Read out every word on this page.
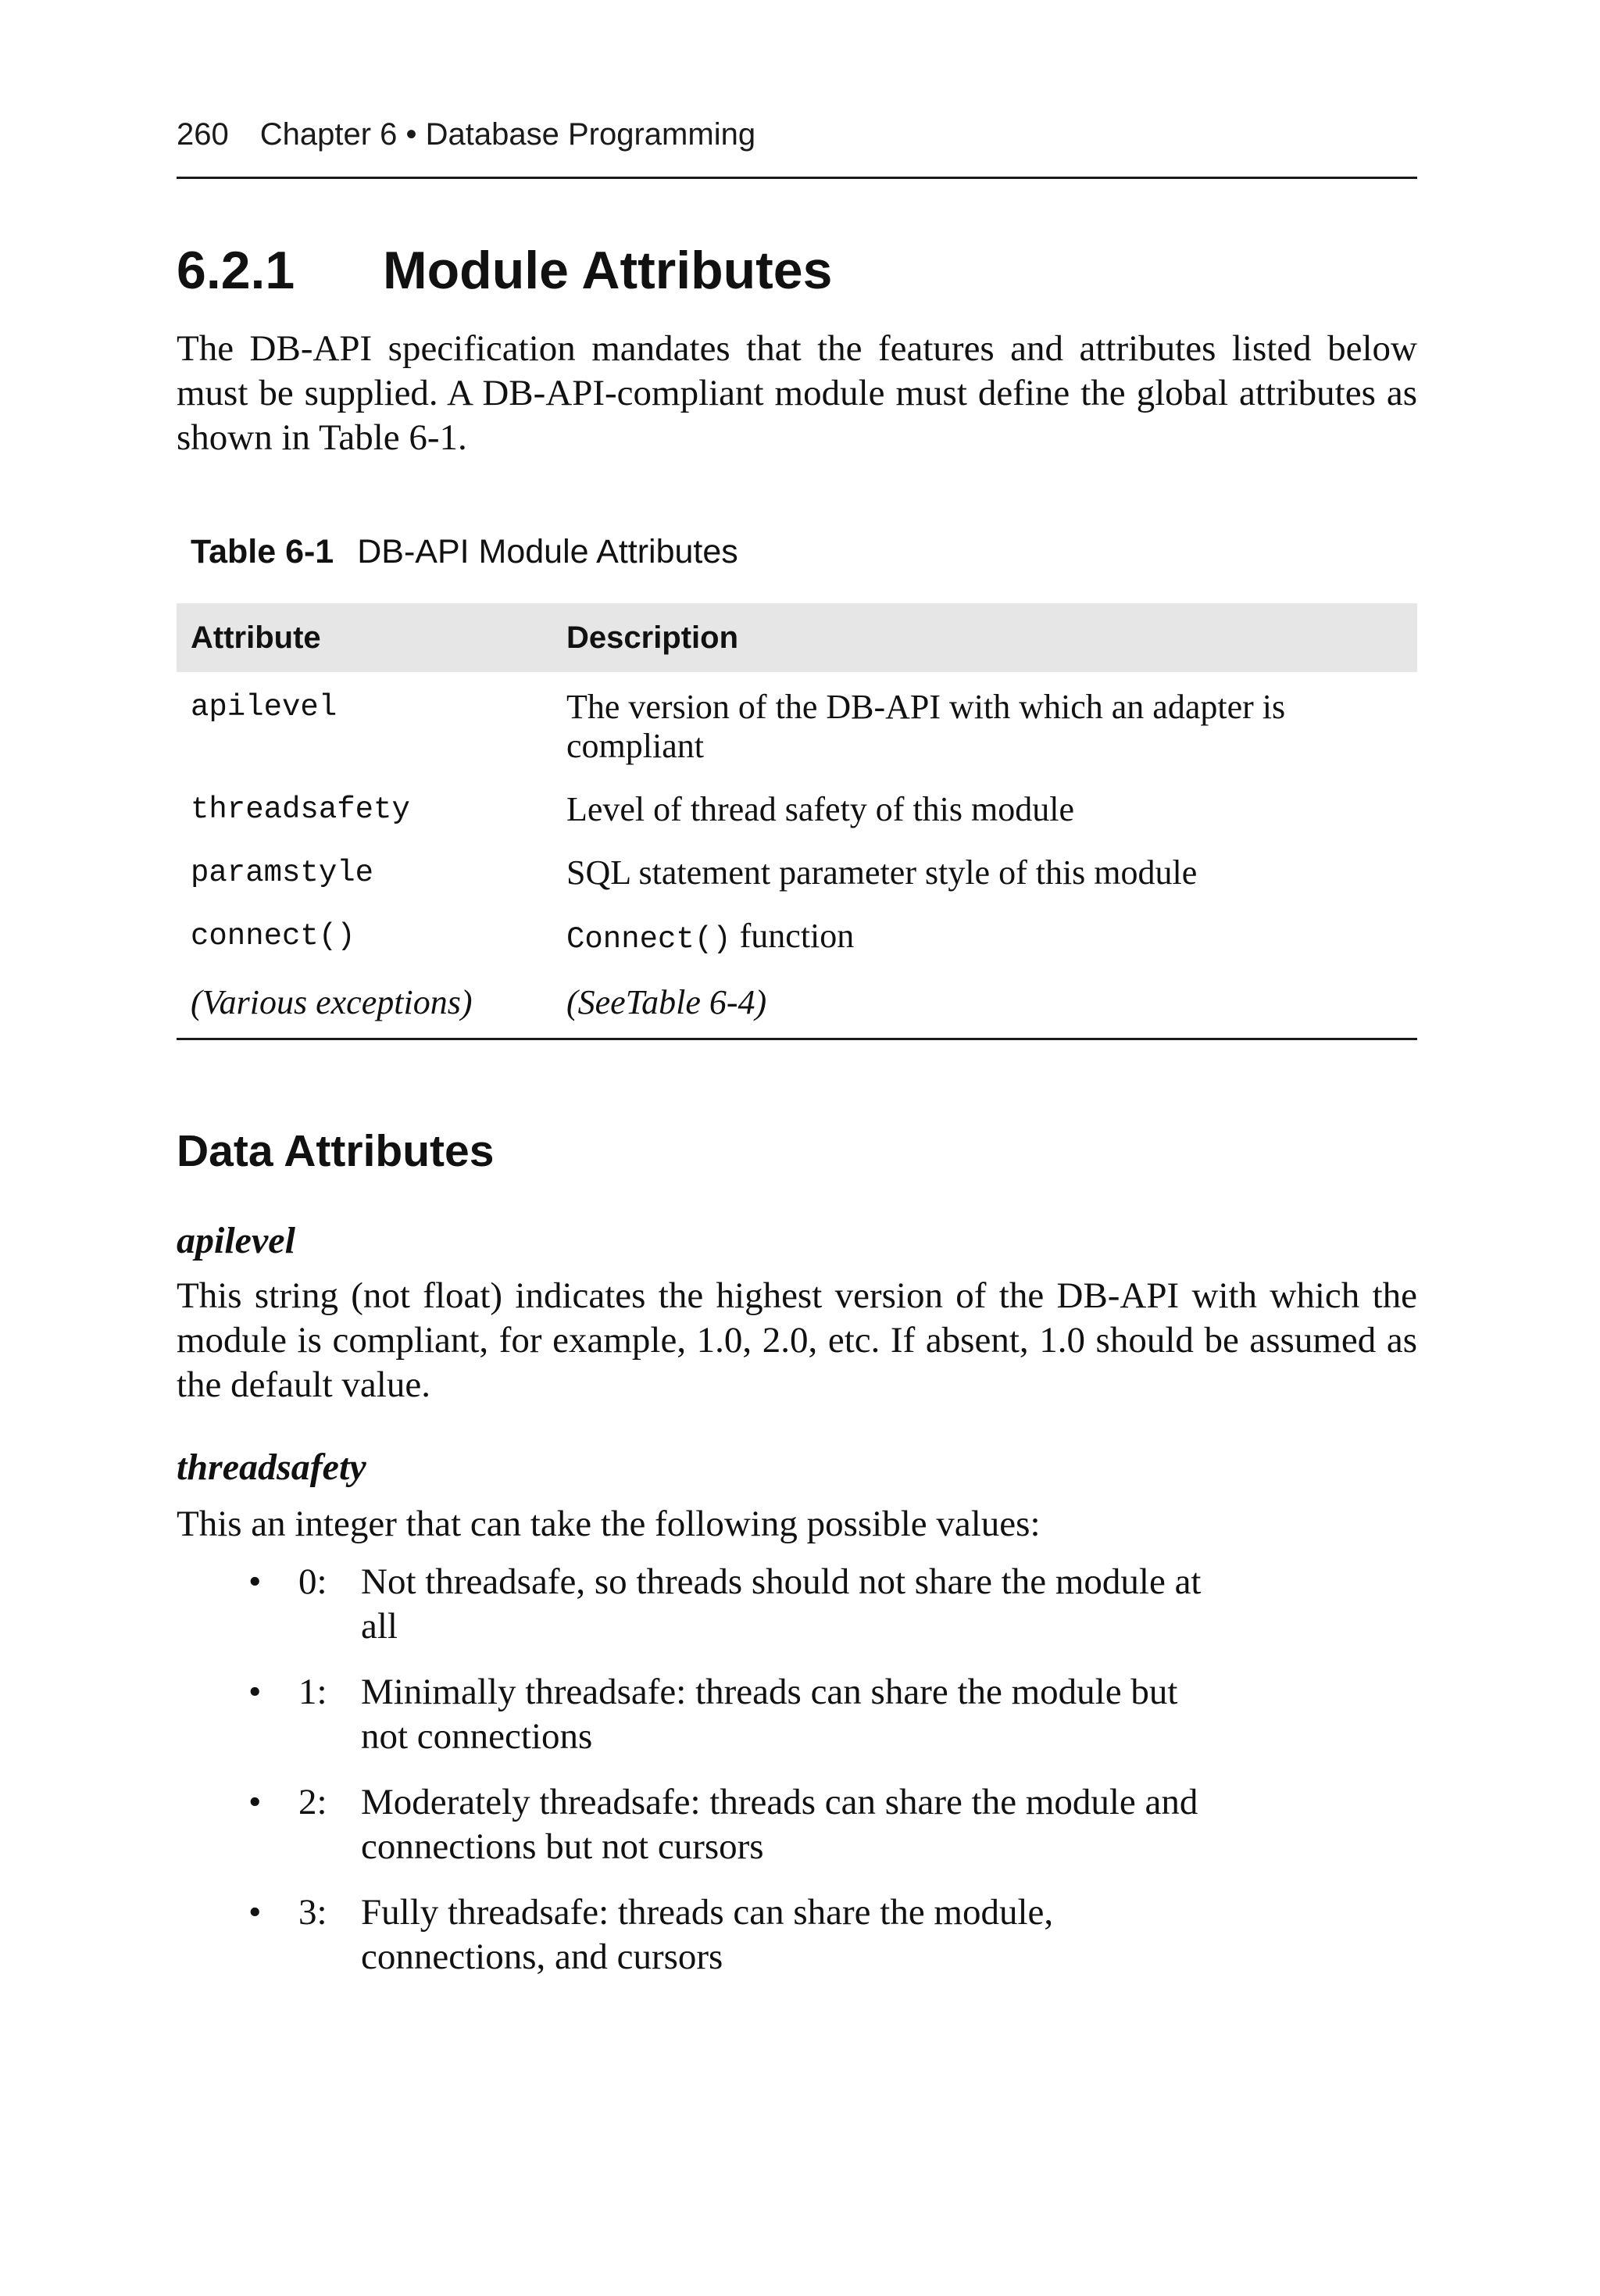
260 Chapter 6 • Database Programming
6.2.1 Module Attributes

The DB-API specification mandates that the features and attributes listed below must be supplied. A DB-API-compliant module must define the global attributes as shown in Table 6-1.

Table 6-1 DB-API Module Attributes
Attribute	Description
apilevel	The version of the DB-API with which an adapter is compliant
threadsafety	Level of thread safety of this module
paramstyle	SQL statement parameter style of this module
connect()	Connect() function
(Various exceptions)	(SeeTable 6-4)
Data Attributes
apilevel

This string (not float) indicates the highest version of the DB-API with which the module is compliant, for example, 1.0, 2.0, etc. If absent, 1.0 should be assumed as the default value.

threadsafety

This an integer that can take the following possible values:

• 0: Not threadsafe, so threads should not share the module at all
• 1: Minimally threadsafe: threads can share the module but not connections
• 2: Moderately threadsafe: threads can share the module and connections but not cursors
• 3: Fully threadsafe: threads can share the module, connections, and cursors
